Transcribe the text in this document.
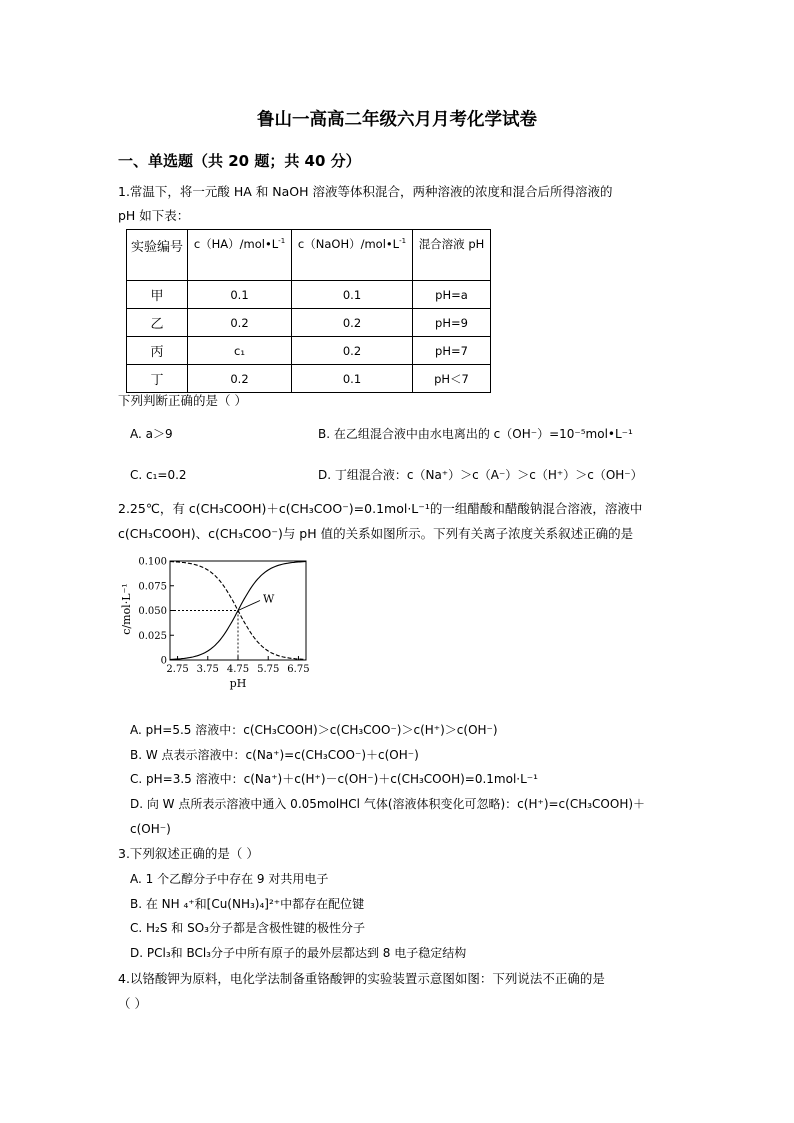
鲁山一高高二年级六月月考化学试卷
一、单选题（共 20 题；共 40 分）
1.常温下，将一元酸 HA 和 NaOH 溶液等体积混合，两种溶液的浓度和混合后所得溶液的
pH 如下表：
实验编号	$c(HA)/mol•L^{-1}$	$c(NaOH)/mol•L^{-1}$	混合溶液 pH
甲	0.1	0.1	pH=a
乙	0.2	0.2	pH=9
丙	c₁	0.2	pH=7
丁	0.2	0.1	pH＜7
下列判断正确的是（ ）
A. a＞9	B. 在乙组混合液中由水电离出的 c（OH⁻）=10⁻⁵mol•L⁻¹
C. c₁=0.2	D. 丁组混合液：c（Na⁺）＞c（A⁻）＞c（H⁺）＞c（OH⁻）
2.25℃，有 c(CH₃COOH)＋c(CH₃COO⁻)=0.1mol·L⁻¹的一组醋酸和醋酸钠混合溶液，溶液中
c(CH₃COOH)、c(CH₃COO⁻)与 pH 值的关系如图所示。下列有关离子浓度关系叙述正确的是
c/mol·L⁻¹
pH
0
0.025
0.050
0.075
0.100
2.75 3.75 4.75 5.75 6.75
W
A. pH=5.5 溶液中：c(CH₃COOH)＞c(CH₃COO⁻)＞c(H⁺)＞c(OH⁻)
B. W 点表示溶液中：c(Na⁺)=c(CH₃COO⁻)＋c(OH⁻)
C. pH=3.5 溶液中：c(Na⁺)＋c(H⁺)－c(OH⁻)＋c(CH₃COOH)=0.1mol·L⁻¹
D. 向 W 点所表示溶液中通入 0.05molHCl 气体(溶液体积变化可忽略)：c(H⁺)=c(CH₃COOH)＋
c(OH⁻)
3.下列叙述正确的是（ ）
A. 1 个乙醇分子中存在 9 对共用电子
B. 在 NH ₄⁺和[Cu(NH₃)₄]²⁺中都存在配位键
C. H₂S 和 SO₃分子都是含极性键的极性分子
D. PCl₃和 BCl₃分子中所有原子的最外层都达到 8 电子稳定结构
4.以铬酸钾为原料，电化学法制备重铬酸钾的实验装置示意图如图：下列说法不正确的是
（ ）
